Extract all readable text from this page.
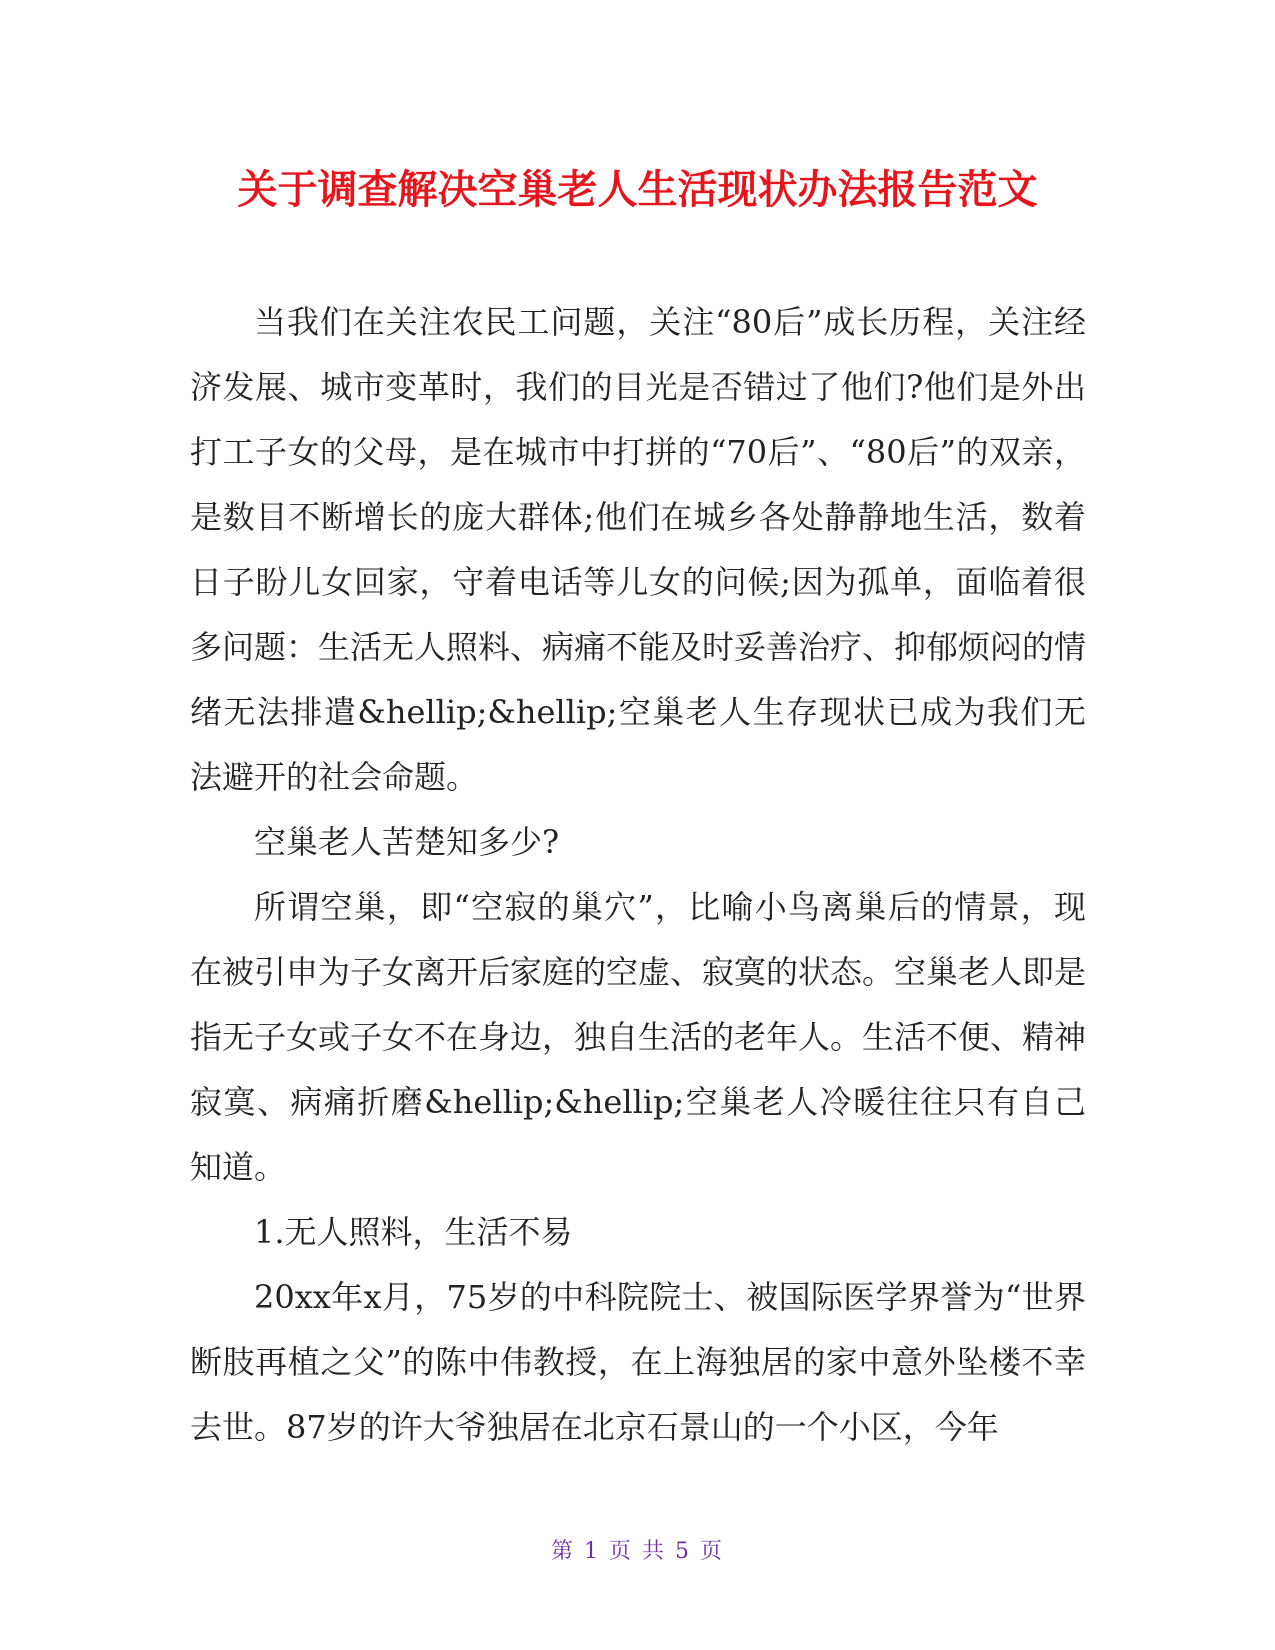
关于调查解决空巢老人生活现状办法报告范文

当我们在关注农民工问题，关注“80后”成长历程，关注经济发展、城市变革时，我们的目光是否错过了他们?他们是外出打工子女的父母，是在城市中打拼的“70后”、“80后”的双亲，是数目不断增长的庞大群体;他们在城乡各处静静地生活，数着日子盼儿女回家，守着电话等儿女的问候;因为孤单，面临着很多问题：生活无人照料、病痛不能及时妥善治疗、抑郁烦闷的情绪无法排遣&hellip;&hellip;空巢老人生存现状已成为我们无法避开的社会命题。

空巢老人苦楚知多少?

所谓空巢，即“空寂的巢穴”，比喻小鸟离巢后的情景，现在被引申为子女离开后家庭的空虚、寂寞的状态。空巢老人即是指无子女或子女不在身边，独自生活的老年人。生活不便、精神寂寞、病痛折磨&hellip;&hellip;空巢老人冷暖往往只有自己知道。

1.无人照料，生活不易

20xx年x月，75岁的中科院院士、被国际医学界誉为“世界断肢再植之父”的陈中伟教授，在上海独居的家中意外坠楼不幸去世。87岁的许大爷独居在北京石景山的一个小区，今年

第 1 页 共 5 页
